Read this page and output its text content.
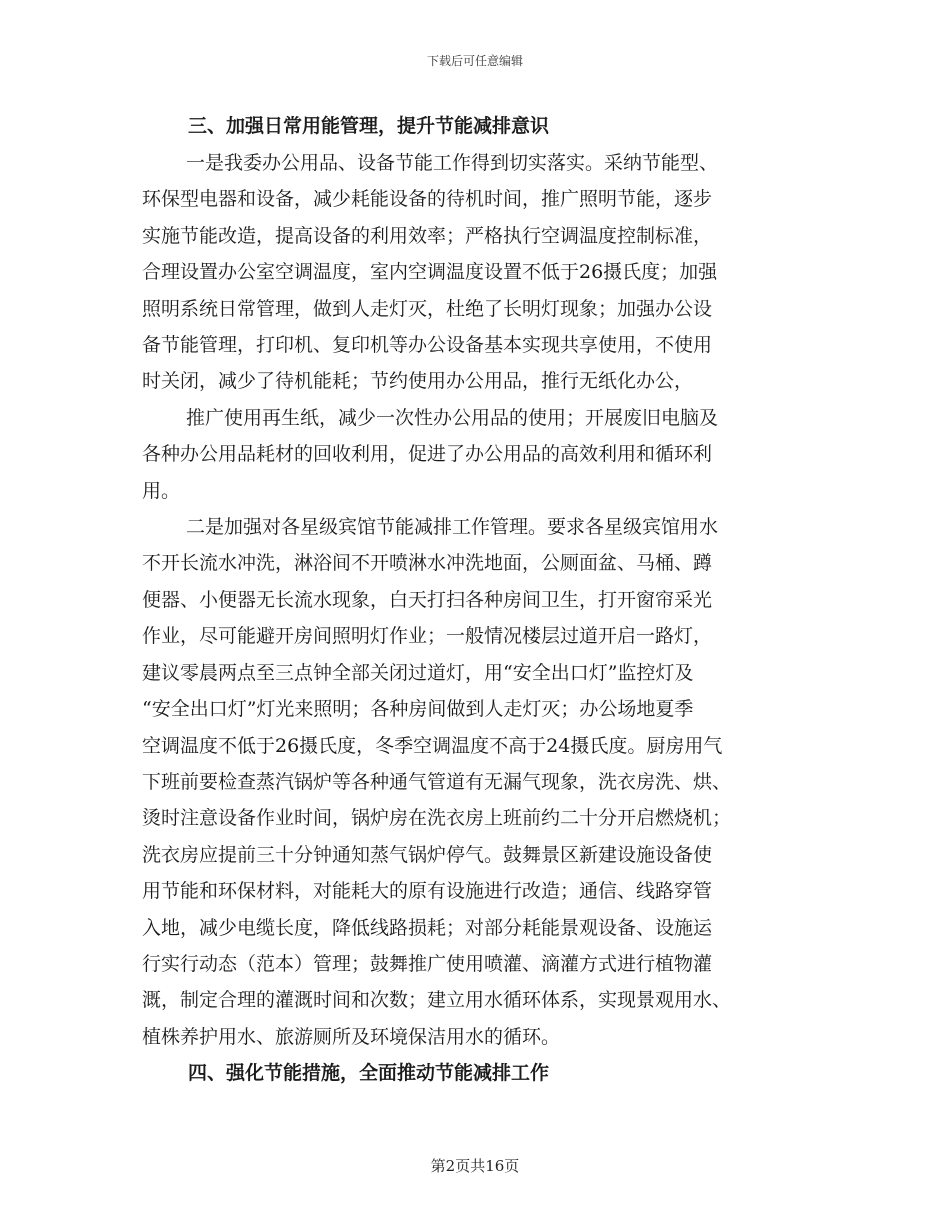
下载后可任意编辑

三、加强日常用能管理，提升节能减排意识

一是我委办公用品、设备节能工作得到切实落实。采纳节能型、
环保型电器和设备，减少耗能设备的待机时间，推广照明节能，逐步
实施节能改造，提高设备的利用效率；严格执行空调温度控制标准，
合理设置办公室空调温度，室内空调温度设置不低于26摄氏度；加强
照明系统日常管理，做到人走灯灭，杜绝了长明灯现象；加强办公设
备节能管理，打印机、复印机等办公设备基本实现共享使用，不使用
时关闭，减少了待机能耗；节约使用办公用品，推行无纸化办公，
推广使用再生纸，减少一次性办公用品的使用；开展废旧电脑及
各种办公用品耗材的回收利用，促进了办公用品的高效利用和循环利
用。
二是加强对各星级宾馆节能减排工作管理。要求各星级宾馆用水
不开长流水冲洗，淋浴间不开喷淋水冲洗地面，公厕面盆、马桶、蹲
便器、小便器无长流水现象，白天打扫各种房间卫生，打开窗帘采光
作业，尽可能避开房间照明灯作业；一般情况楼层过道开启一路灯，
建议零晨两点至三点钟全部关闭过道灯，用“安全出口灯”监控灯及
“安全出口灯”灯光来照明；各种房间做到人走灯灭；办公场地夏季
空调温度不低于26摄氏度，冬季空调温度不高于24摄氏度。厨房用气
下班前要检查蒸汽锅炉等各种通气管道有无漏气现象，洗衣房洗、烘、
烫时注意设备作业时间，锅炉房在洗衣房上班前约二十分开启燃烧机；
洗衣房应提前三十分钟通知蒸气锅炉停气。鼓舞景区新建设施设备使
用节能和环保材料，对能耗大的原有设施进行改造；通信、线路穿管
入地，减少电缆长度，降低线路损耗；对部分耗能景观设备、设施运
行实行动态（范本）管理；鼓舞推广使用喷灌、滴灌方式进行植物灌
溉，制定合理的灌溉时间和次数；建立用水循环体系，实现景观用水、
植株养护用水、旅游厕所及环境保洁用水的循环。

四、强化节能措施，全面推动节能减排工作

第2页共16页
